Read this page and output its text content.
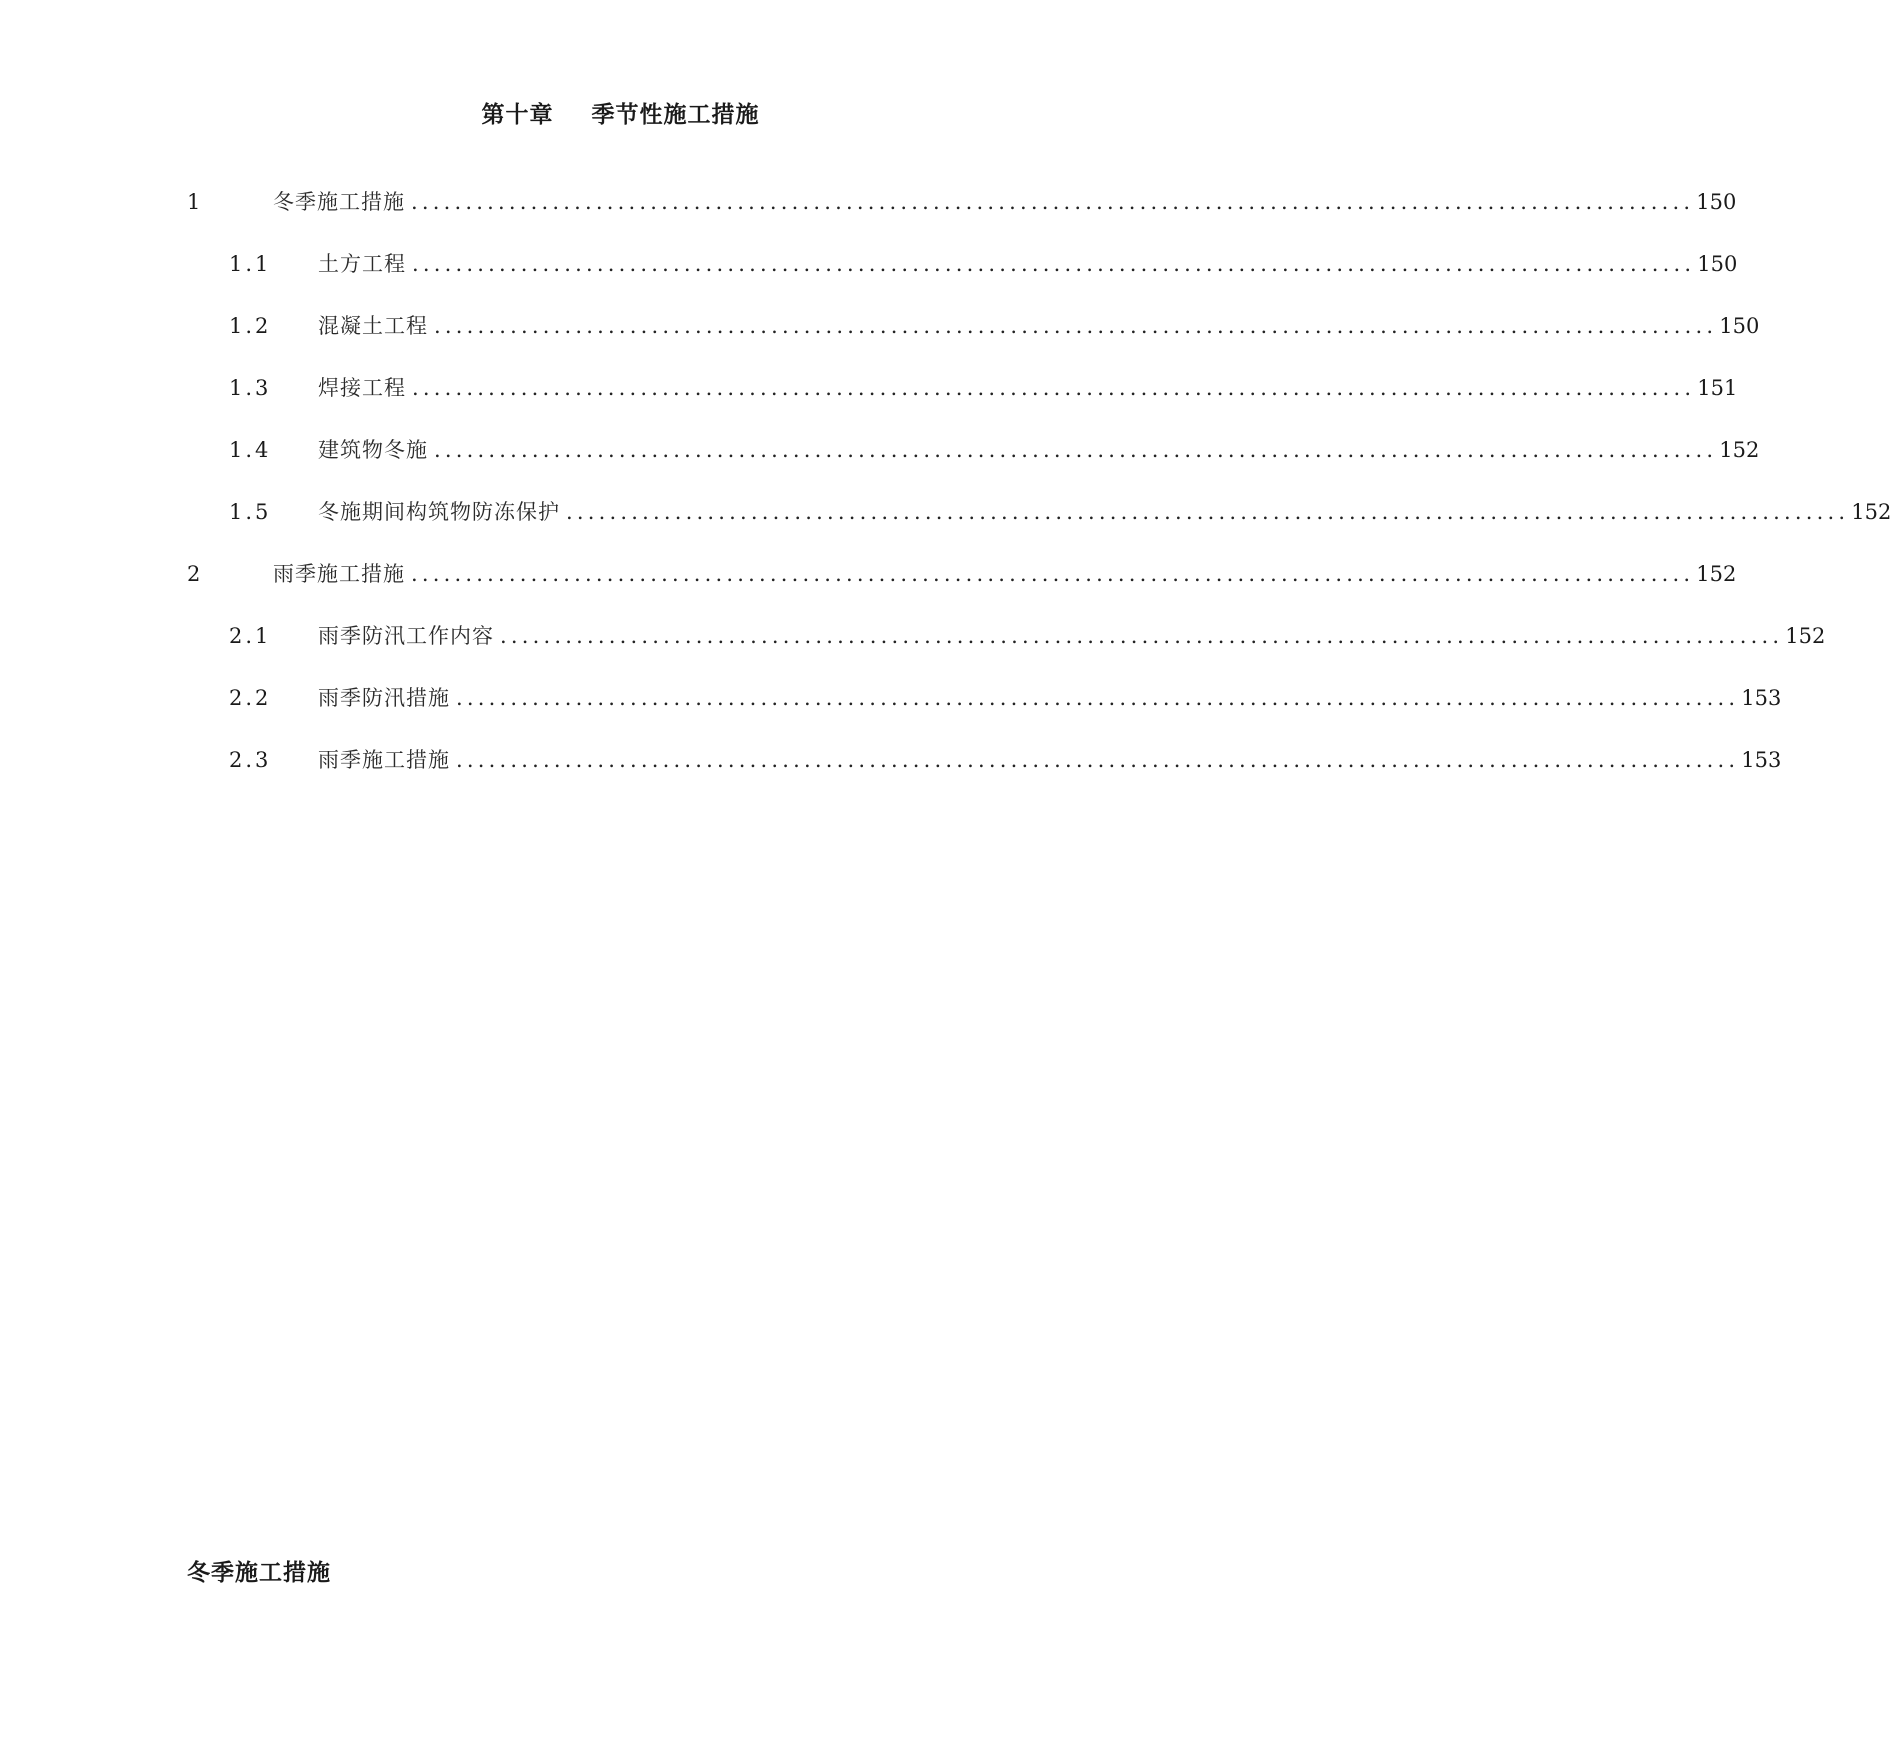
第十章 季节性施工措施
1	冬季施工措施 ...................................................................................................................... 150
1.1 土方工程 ...................................................................................................................... 150
1.2 混凝土工程 ...................................................................................................................... 150
1.3 焊接工程 ...................................................................................................................... 151
1.4 建筑物冬施 ...................................................................................................................... 152
1.5 冬施期间构筑物防冻保护 ...................................................................................................................... 152
2	雨季施工措施 ...................................................................................................................... 152
2.1 雨季防汛工作内容 ...................................................................................................................... 152
2.2 雨季防汛措施 ...................................................................................................................... 153
2.3 雨季施工措施 ...................................................................................................................... 153
冬季施工措施
